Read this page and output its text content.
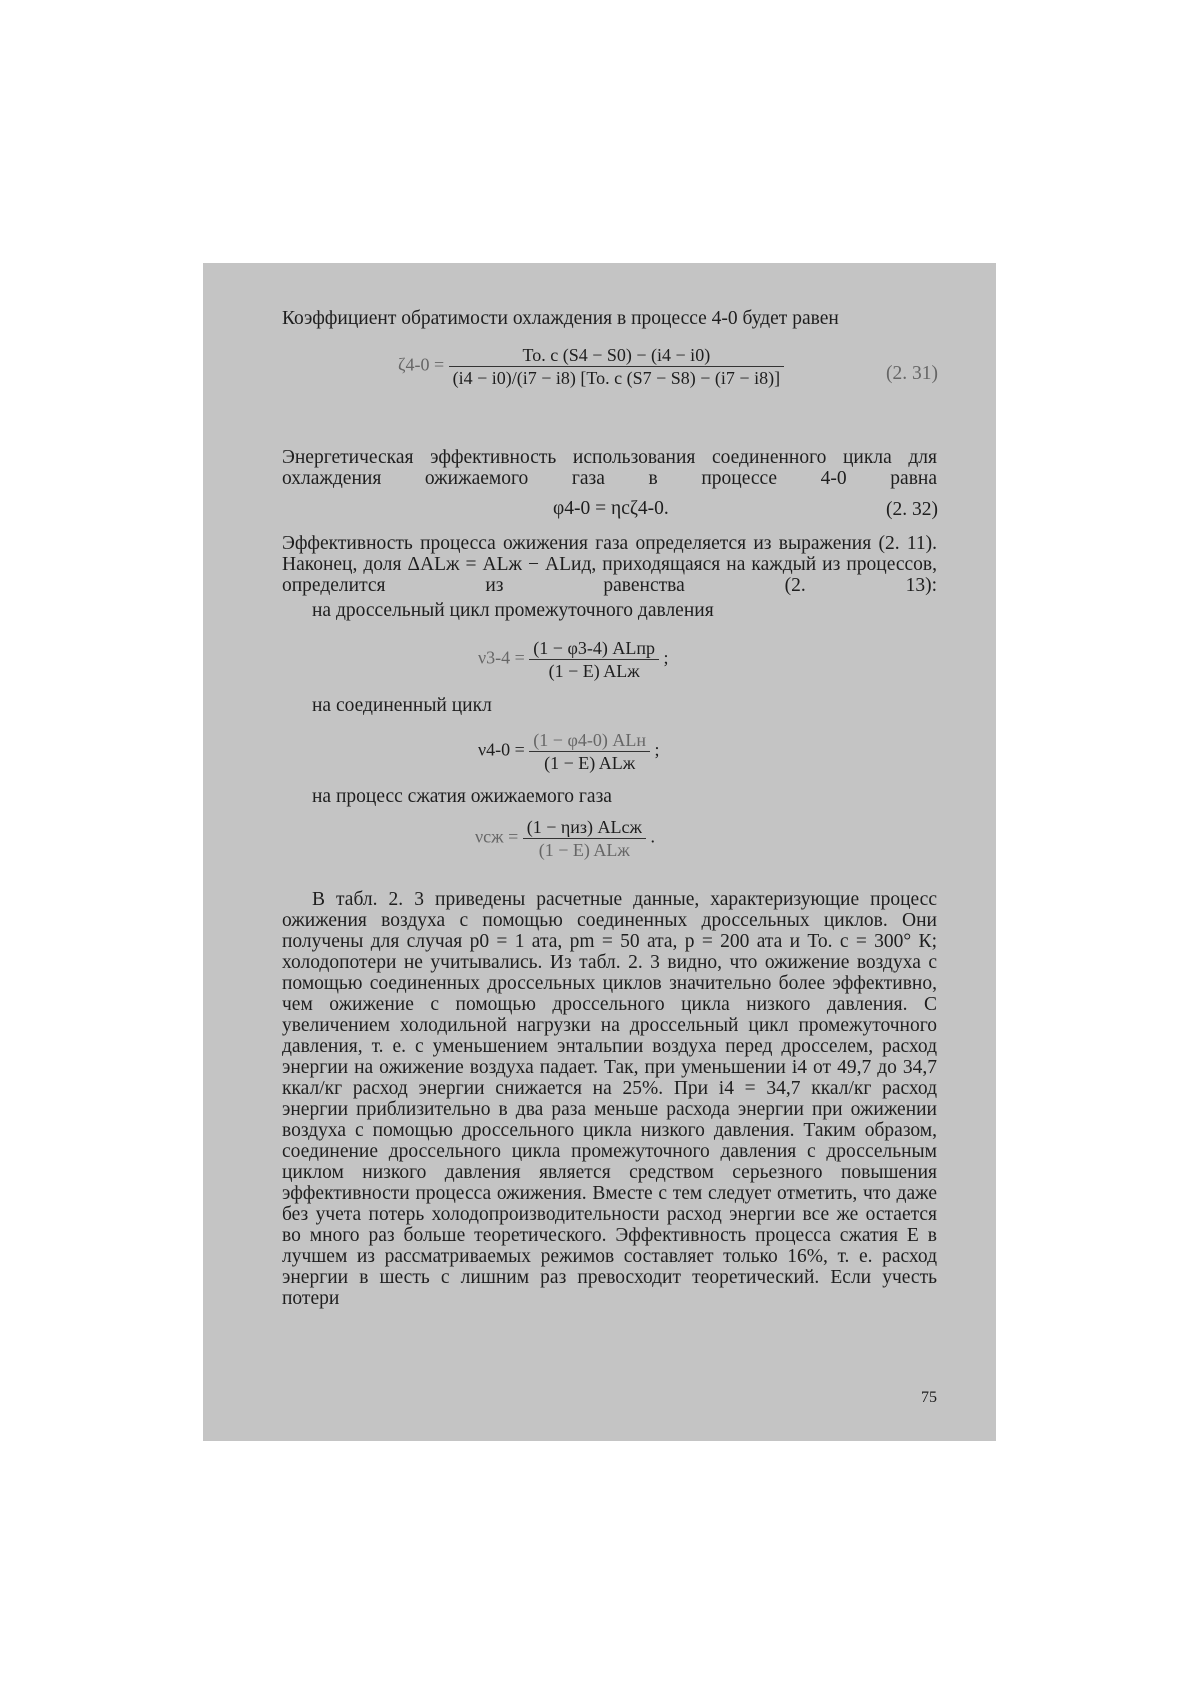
Коэффициент обратимости охлаждения в процессе 4-0 будет равен

$\zeta 4-0 = \frac{To. c (S4 - S0) - (i4 - i0)}{(i4 - i0)/(i7 - i8) [To. c (S7 - S8) - (i7 - i8)]}$	(2. 31)

Энергетическая эффективность использования соединенного цикла для охлаждения ожижаемого газа в процессе 4-0 равна

φ4-0 = ηсζ4-0.	(2. 32)

Эффективность процесса ожижения газа определяется из выражения (2. 11). Наконец, доля ΔALж = ALж − ALид, приходящаяся на каждый из процессов, определится из равенства (2. 13):

на дроссельный цикл промежуточного давления

$\nu 3-4 = \frac{\text{(1 − φ3-4) ALпр}}{\text{(1 − E) ALж}}$ ;

на соединенный цикл

$\nu 4-0 = \frac{\text{(1 − φ4-0) ALн}}{\text{(1 − E) ALж}}$ ;

на процесс сжатия ожижаемого газа

$\nu сж = \frac{\text{(1 − ηиз) ALсж}}{\text{(1 − E) ALж}}$ .

В табл. 2. 3 приведены расчетные данные, характеризующие процесс ожижения воздуха с помощью соединенных дроссельных циклов. Они получены для случая p0 = 1 ата, pm = 50 ата, p = 200 ата и To. c = 300° К; холодопотери не учитывались. Из табл. 2. 3 видно, что ожижение воздуха с помощью соединенных дроссельных циклов значительно более эффективно, чем ожижение с помощью дроссельного цикла низкого давления. С увеличением холодильной нагрузки на дроссельный цикл промежуточного давления, т. е. с уменьшением энтальпии воздуха перед дросселем, расход энергии на ожижение воздуха падает. Так, при уменьшении i4 от 49,7 до 34,7 ккал/кг расход энергии снижается на 25%. При i4 = 34,7 ккал/кг расход энергии приблизительно в два раза меньше расхода энергии при ожижении воздуха с помощью дроссельного цикла низкого давления. Таким образом, соединение дроссельного цикла промежуточного давления с дроссельным циклом низкого давления является средством серьезного повышения эффективности процесса ожижения. Вместе с тем следует отметить, что даже без учета потерь холодопроизводительности расход энергии все же остается во много раз больше теоретического. Эффективность процесса сжатия E в лучшем из рассматриваемых режимов составляет только 16%, т. е. расход энергии в шесть с лишним раз превосходит теоретический. Если учесть потери

75
